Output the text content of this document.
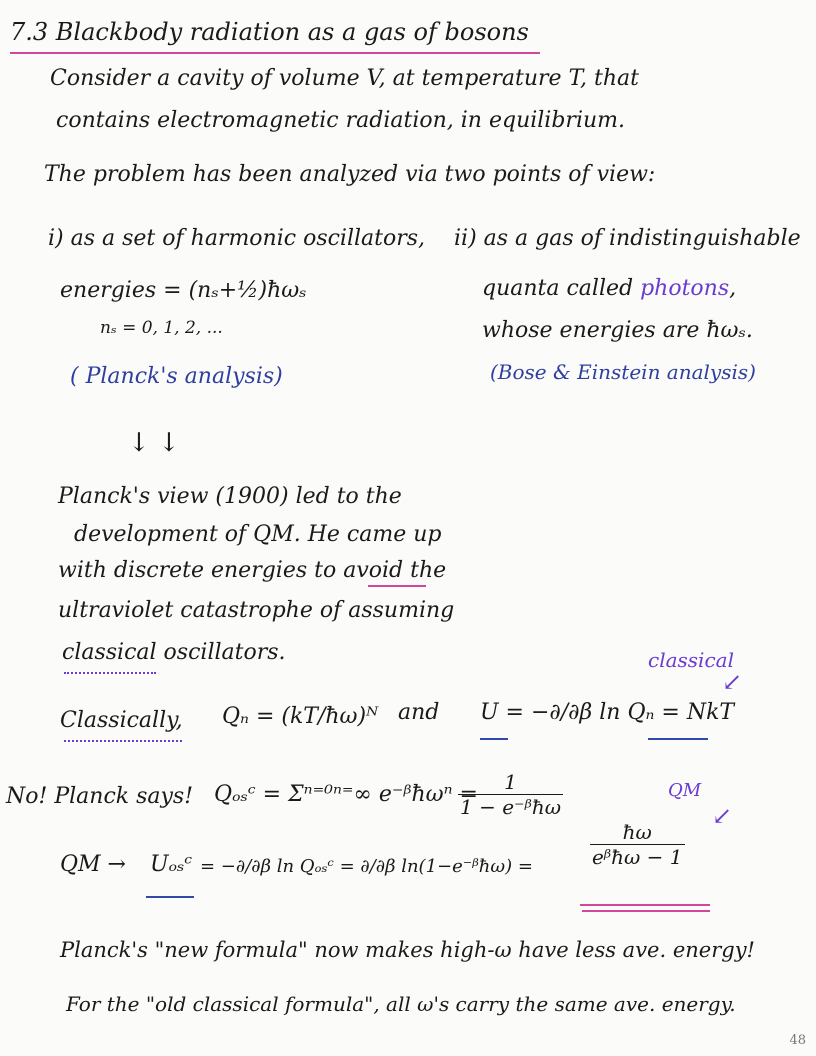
7.3 Blackbody radiation as a gas of bosons
Consider a cavity of volume V, at temperature T, that
contains electromagnetic radiation, in equilibrium.
The problem has been analyzed via two points of view:
i) as a set of harmonic oscillators,
energies = (nₛ+½)ħωₛ
nₛ = 0, 1, 2, ...
( Planck's analysis)
ii) as a gas of indistinguishable
quanta called photons,
whose energies are ħωₛ.
(Bose & Einstein analysis)
↓ ↓
Planck's view (1900) led to the
development of QM. He came up
with discrete energies to avoid the
ultraviolet catastrophe of assuming
classical oscillators.	classical
↙
Classically, Qₙ = (kT/ħω)ᴺ and U = −∂/∂β ln Qₙ = NkT
No! Planck says! Qₒₛᶜ = Σⁿ⁼⁰ⁿ⁼∞ e⁻ᵝħωⁿ =
$\frac{1}{\text{1 − e⁻ᵝħω}}$	QM
↙
QM → Uₒₛᶜ = −∂/∂β ln Qₒₛᶜ = ∂/∂β ln(1−e⁻ᵝħω) =	$\frac{ħ\omega}{\text{eᵝħω − 1}}$
Planck's "new formula" now makes high-ω have less ave. energy!
For the "old classical formula", all ω's carry the same ave. energy.
48
